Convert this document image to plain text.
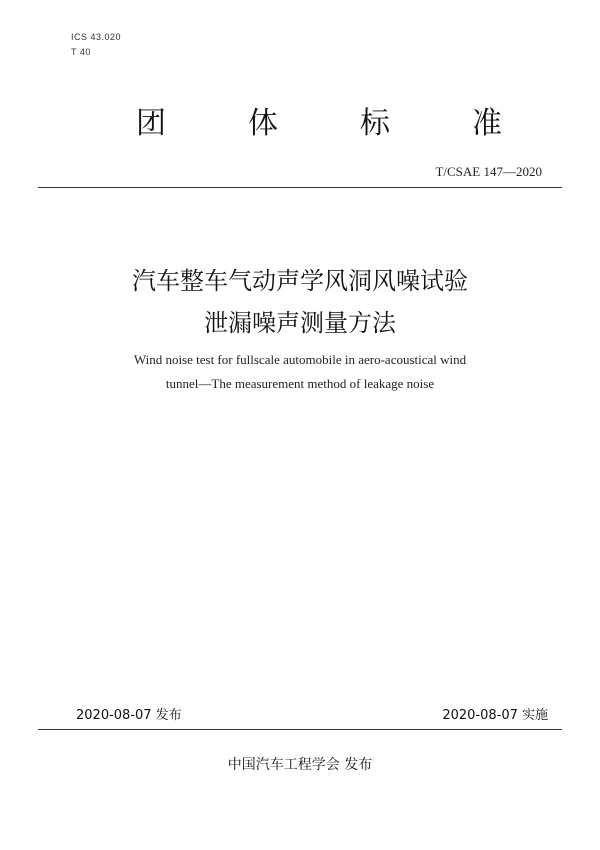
ICS 43.020
T 40
团	体	标	准
T/CSAE 147—2020
汽车整车气动声学风洞风噪试验
泄漏噪声测量方法
Wind noise test for fullscale automobile in aero-acoustical wind
tunnel—The measurement method of leakage noise
2020-08-07 发布	2020-08-07 实施
中国汽车工程学会 发布
